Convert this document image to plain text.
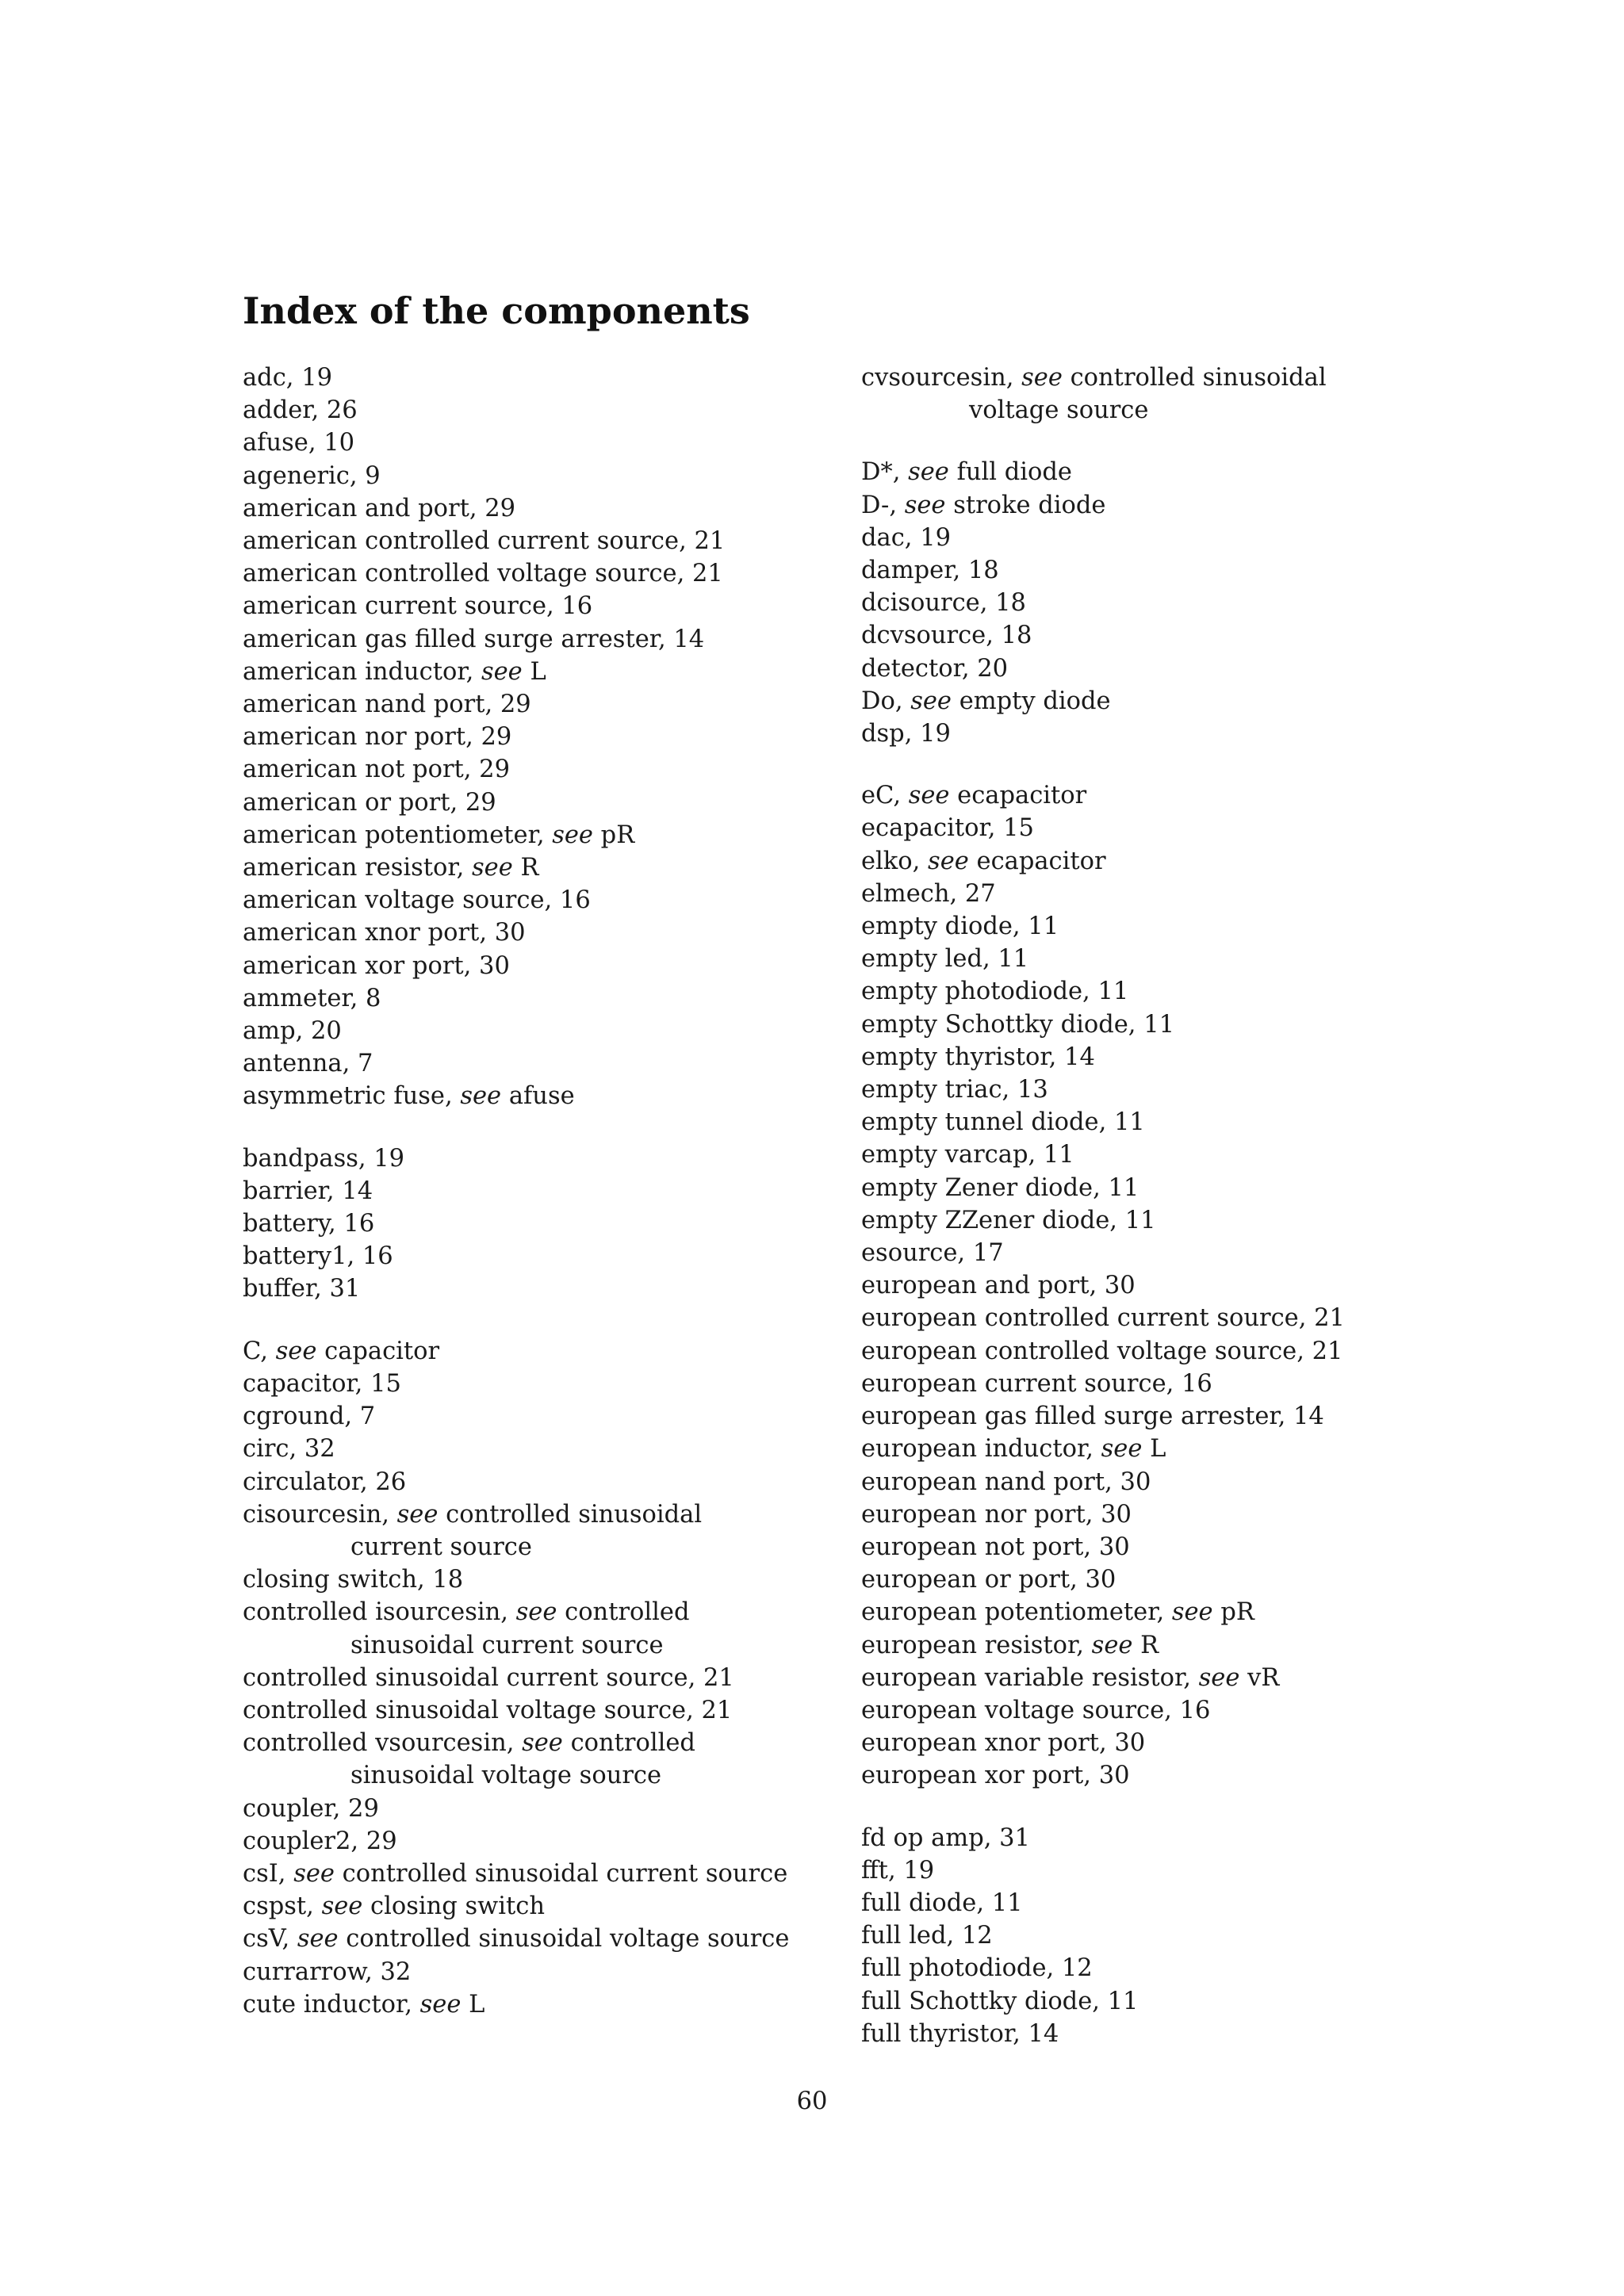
Index of the components

adc, 19

adder, 26

afuse, 10

ageneric, 9

american and port, 29

american controlled current source, 21

american controlled voltage source, 21

american current source, 16

american gas filled surge arrester, 14

american inductor, see L

american nand port, 29

american nor port, 29

american not port, 29

american or port, 29

american potentiometer, see pR

american resistor, see R

american voltage source, 16

american xnor port, 30

american xor port, 30

ammeter, 8

amp, 20

antenna, 7

asymmetric fuse, see afuse

bandpass, 19

barrier, 14

battery, 16

battery1, 16

buffer, 31

C, see capacitor

capacitor, 15

cground, 7

circ, 32

circulator, 26

cisourcesin, see controlled sinusoidal current source

closing switch, 18

controlled isourcesin, see controlled sinusoidal current source

controlled sinusoidal current source, 21

controlled sinusoidal voltage source, 21

controlled vsourcesin, see controlled sinusoidal voltage source

coupler, 29

coupler2, 29

csI, see controlled sinusoidal current source

cspst, see closing switch

csV, see controlled sinusoidal voltage source

currarrow, 32

cute inductor, see L

cvsourcesin, see controlled sinusoidal voltage source

D*, see full diode

D-, see stroke diode

dac, 19

damper, 18

dcisource, 18

dcvsource, 18

detector, 20

Do, see empty diode

dsp, 19

eC, see ecapacitor

ecapacitor, 15

elko, see ecapacitor

elmech, 27

empty diode, 11

empty led, 11

empty photodiode, 11

empty Schottky diode, 11

empty thyristor, 14

empty triac, 13

empty tunnel diode, 11

empty varcap, 11

empty Zener diode, 11

empty ZZener diode, 11

esource, 17

european and port, 30

european controlled current source, 21

european controlled voltage source, 21

european current source, 16

european gas filled surge arrester, 14

european inductor, see L

european nand port, 30

european nor port, 30

european not port, 30

european or port, 30

european potentiometer, see pR

european resistor, see R

european variable resistor, see vR

european voltage source, 16

european xnor port, 30

european xor port, 30

fd op amp, 31

fft, 19

full diode, 11

full led, 12

full photodiode, 12

full Schottky diode, 11

full thyristor, 14

60
